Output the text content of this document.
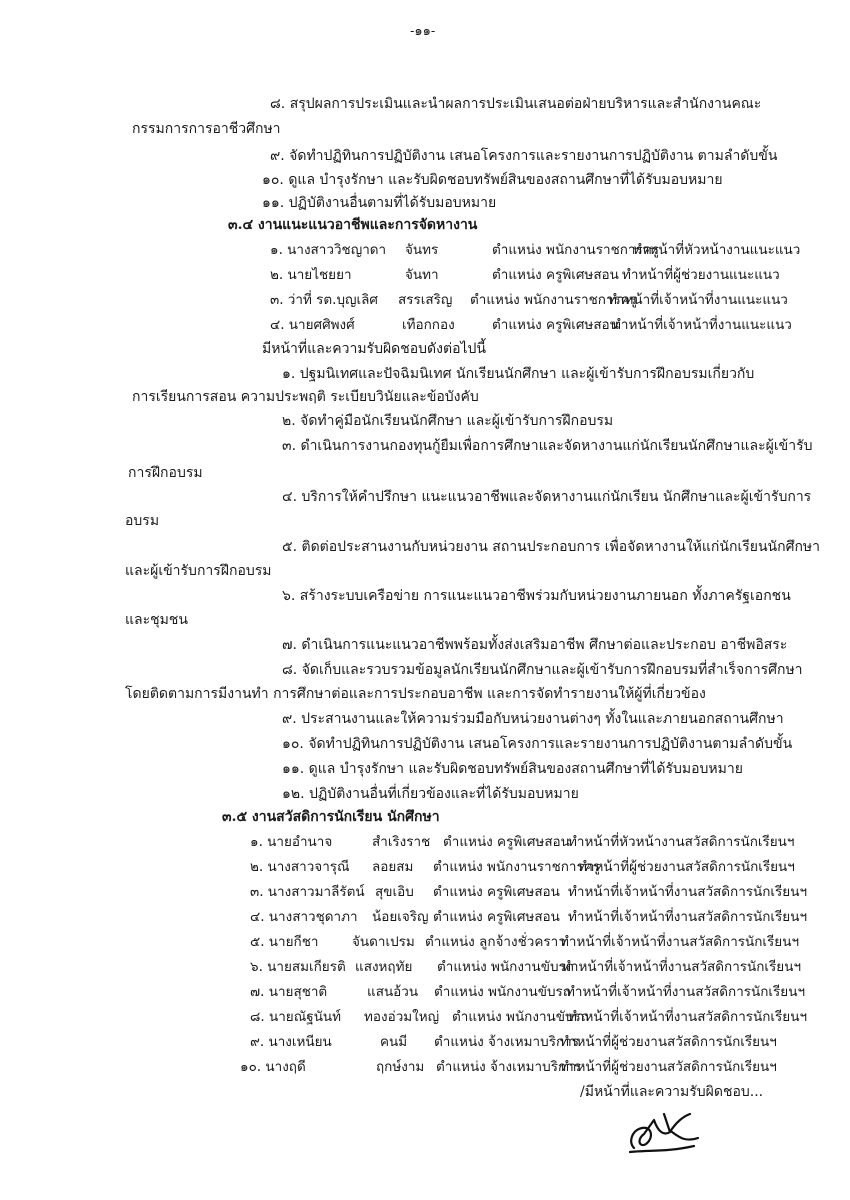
-๑๑-
๘. สรุปผลการประเมินและนำผลการประเมินเสนอต่อฝ่ายบริหารและสำนักงานคณะ
กรรมการการอาชีวศึกษา
๙. จัดทำปฏิทินการปฏิบัติงาน เสนอโครงการและรายงานการปฏิบัติงาน ตามลำดับขั้น
๑๐. ดูแล บำรุงรักษา และรับผิดชอบทรัพย์สินของสถานศึกษาที่ได้รับมอบหมาย
๑๑. ปฏิบัติงานอื่นตามที่ได้รับมอบหมาย
๓.๔ งานแนะแนวอาชีพและการจัดหางาน
๑. นางสาววิชญาดา จันทร	ตำแหน่ง พนักงานราชการครู
ทำหน้าที่หัวหน้างานแนะแนว
๒. นายไชยยา	จันทา	ตำแหน่ง ครูพิเศษสอน ทำหน้าที่ผู้ช่วยงานแนะแนว
๓. ว่าที่ รต.บุญเลิศ สรรเสริญ ตำแหน่ง พนักงานราชการครู
ทำหน้าที่เจ้าหน้าที่งานแนะแนว
๔. นายศศิพงศ์	เทือกกอง	ตำแหน่ง ครูพิเศษสอน
ทำหน้าที่เจ้าหน้าที่งานแนะแนว
มีหน้าที่และความรับผิดชอบดังต่อไปนี้
๑. ปฐมนิเทศและปัจฉิมนิเทศ นักเรียนนักศึกษา และผู้เข้ารับการฝึกอบรมเกี่ยวกับ
การเรียนการสอน ความประพฤติ ระเบียบวินัยและข้อบังคับ
๒. จัดทำคู่มือนักเรียนนักศึกษา และผู้เข้ารับการฝึกอบรม
๓. ดำเนินการงานกองทุนกู้ยืมเพื่อการศึกษาและจัดหางานแก่นักเรียนนักศึกษาและผู้เข้ารับ
การฝึกอบรม
๔. บริการให้คำปรึกษา แนะแนวอาชีพและจัดหางานแก่นักเรียน นักศึกษาและผู้เข้ารับการ
อบรม
๕. ติดต่อประสานงานกับหน่วยงาน สถานประกอบการ เพื่อจัดหางานให้แก่นักเรียนนักศึกษา
และผู้เข้ารับการฝึกอบรม
๖. สร้างระบบเครือข่าย การแนะแนวอาชีพร่วมกับหน่วยงานภายนอก ทั้งภาครัฐเอกชน
และชุมชน
๗. ดำเนินการแนะแนวอาชีพพร้อมทั้งส่งเสริมอาชีพ ศึกษาต่อและประกอบ อาชีพอิสระ
๘. จัดเก็บและรวบรวมข้อมูลนักเรียนนักศึกษาและผู้เข้ารับการฝึกอบรมที่สำเร็จการศึกษา
โดยติดตามการมีงานทำ การศึกษาต่อและการประกอบอาชีพ และการจัดทำรายงานให้ผู้ที่เกี่ยวข้อง
๙. ประสานงานและให้ความร่วมมือกับหน่วยงานต่างๆ ทั้งในและภายนอกสถานศึกษา
๑๐. จัดทำปฏิทินการปฏิบัติงาน เสนอโครงการและรายงานการปฏิบัติงานตามลำดับขั้น
๑๑. ดูแล บำรุงรักษา และรับผิดชอบทรัพย์สินของสถานศึกษาที่ได้รับมอบหมาย
๑๒. ปฏิบัติงานอื่นที่เกี่ยวข้องและที่ได้รับมอบหมาย
๓.๕ งานสวัสดิการนักเรียน นักศึกษา
๑. นายอำนาจ	สำเริงราช ตำแหน่ง ครูพิเศษสอน
ทำหน้าที่หัวหน้างานสวัสดิการนักเรียนฯ
๒. นางสาวจารุณี ลอยสม ตำแหน่ง พนักงานราชการครู
ทำหน้าที่ผู้ช่วยงานสวัสดิการนักเรียนฯ
๓. นางสาวมาลีรัตน์ สุขเอิบ ตำแหน่ง ครูพิเศษสอน ทำหน้าที่เจ้าหน้าที่งานสวัสดิการนักเรียนฯ
๔. นางสาวชุดาภา น้อยเจริญ ตำแหน่ง ครูพิเศษสอน ทำหน้าที่เจ้าหน้าที่งานสวัสดิการนักเรียนฯ
๕. นายกีชา จันดาเปรม ตำแหน่ง ลูกจ้างชั่วคราว
ทำหน้าที่เจ้าหน้าที่งานสวัสดิการนักเรียนฯ
๖. นายสมเกียรติ แสงหฤทัย ตำแหน่ง พนักงานขับรถ
ทำหน้าที่เจ้าหน้าที่งานสวัสดิการนักเรียนฯ
๗. นายสุชาติ	แสนอ้วน ตำแหน่ง พนักงานขับรถ
ทำหน้าที่เจ้าหน้าที่งานสวัสดิการนักเรียนฯ
๘. นายณัฐนันท์ ทองอ่วมใหญ่ ตำแหน่ง พนักงานขับรถ
ทำหน้าที่เจ้าหน้าที่งานสวัสดิการนักเรียนฯ
๙. นางเหนียน	คนมี ตำแหน่ง จ้างเหมาบริการ
ทำหน้าที่ผู้ช่วยงานสวัสดิการนักเรียนฯ
๑๐. นางฤดี	ฤกษ์งาม ตำแหน่ง จ้างเหมาบริการ
ทำหน้าที่ผู้ช่วยงานสวัสดิการนักเรียนฯ
/มีหน้าที่และความรับผิดชอบ...
